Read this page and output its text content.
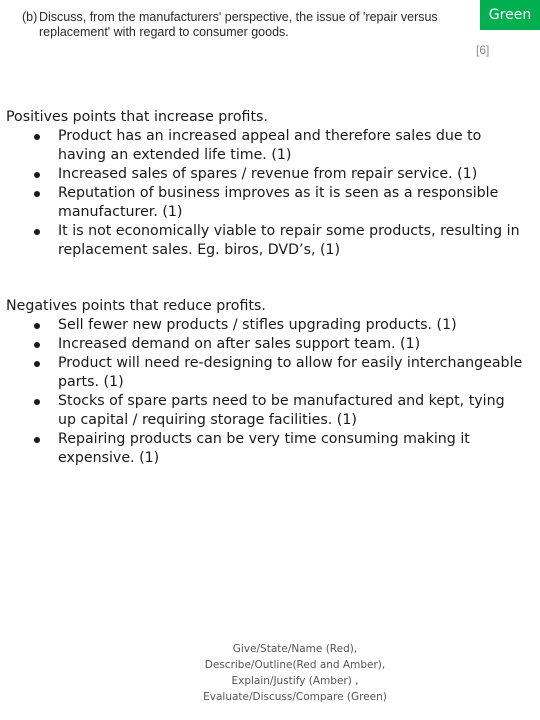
Green
(b) Discuss, from the manufacturers' perspective, the issue of 'repair versus replacement' with regard to consumer goods.
[6]

Positives points that increase profits.

Product has an increased appeal and therefore sales due to having an extended life time. (1)
Increased sales of spares / revenue from repair service. (1)
Reputation of business improves as it is seen as a responsible manufacturer. (1)
It is not economically viable to repair some products, resulting in replacement sales. Eg. biros, DVD’s, (1)

Negatives points that reduce profits.

Sell fewer new products / stifles upgrading products. (1)
Increased demand on after sales support team. (1)
Product will need re-designing to allow for easily interchangeable parts. (1)
Stocks of spare parts need to be manufactured and kept, tying up capital / requiring storage facilities. (1)
Repairing products can be very time consuming making it expensive. (1)
Give/State/Name (Red),
Describe/Outline(Red and Amber),
Explain/Justify (Amber) ,
Evaluate/Discuss/Compare (Green)
